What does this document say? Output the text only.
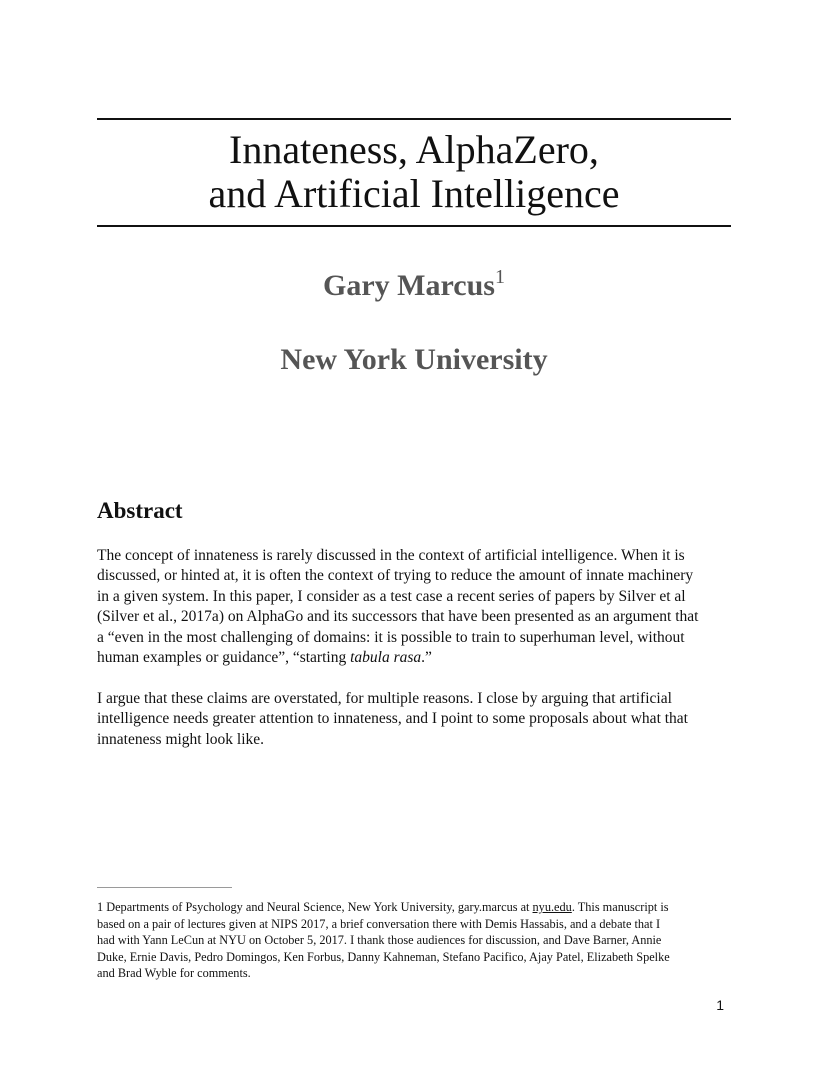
Innateness, AlphaZero,
and Artificial Intelligence
Gary Marcus$^1$
New York University
Abstract
The concept of innateness is rarely discussed in the context of artificial intelligence. When it is
discussed, or hinted at, it is often the context of trying to reduce the amount of innate machinery
in a given system. In this paper, I consider as a test case a recent series of papers by Silver et al
(Silver et al., 2017a) on AlphaGo and its successors that have been presented as an argument that
a “even in the most challenging of domains: it is possible to train to superhuman level, without
human examples or guidance”, “starting tabula rasa.”
I argue that these claims are overstated, for multiple reasons. I close by arguing that artificial
intelligence needs greater attention to innateness, and I point to some proposals about what that
innateness might look like.
1 Departments of Psychology and Neural Science, New York University, gary.marcus at nyu.edu. This manuscript is
based on a pair of lectures given at NIPS 2017, a brief conversation there with Demis Hassabis, and a debate that I
had with Yann LeCun at NYU on October 5, 2017. I thank those audiences for discussion, and Dave Barner, Annie
Duke, Ernie Davis, Pedro Domingos, Ken Forbus, Danny Kahneman, Stefano Pacifico, Ajay Patel, Elizabeth Spelke
and Brad Wyble for comments.
1
